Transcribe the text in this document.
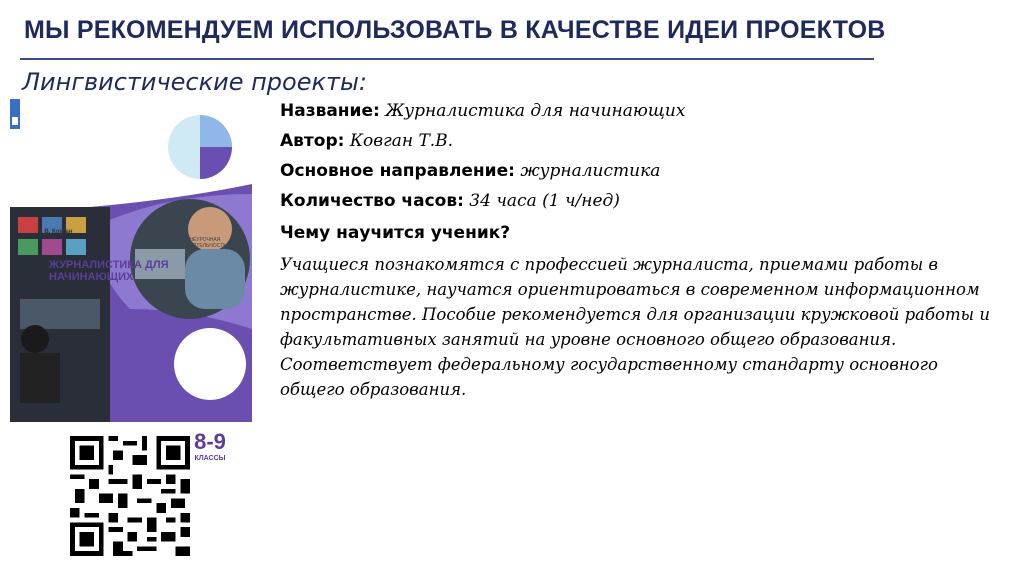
МЫ РЕКОМЕНДУЕМ ИСПОЛЬЗОВАТЬ В КАЧЕСТВЕ ИДЕИ ПРОЕКТОВ
Лингвистические проекты:
Т. В. Ковган
ЖУРНАЛИСТИКА ДЛЯ НАЧИНАЮЩИХ
ВНЕУРОЧНАЯ ДЕЯТЕЛЬНОСТЬ
8-9
КЛАССЫ
Название: Журналистика для начинающих
Автор: Ковган Т.В.
Основное направление: журналистика
Количество часов: 34 часа (1 ч/нед)
Чему научится ученик?
Учащиеся познакомятся с профессией журналиста, приемами работы в
журналистике, научатся ориентироваться в современном информационном
пространстве. Пособие рекомендуется для организации кружковой работы и
факультативных занятий на уровне основного общего образования.
Соответствует федеральному государственному стандарту основного
общего образования.
